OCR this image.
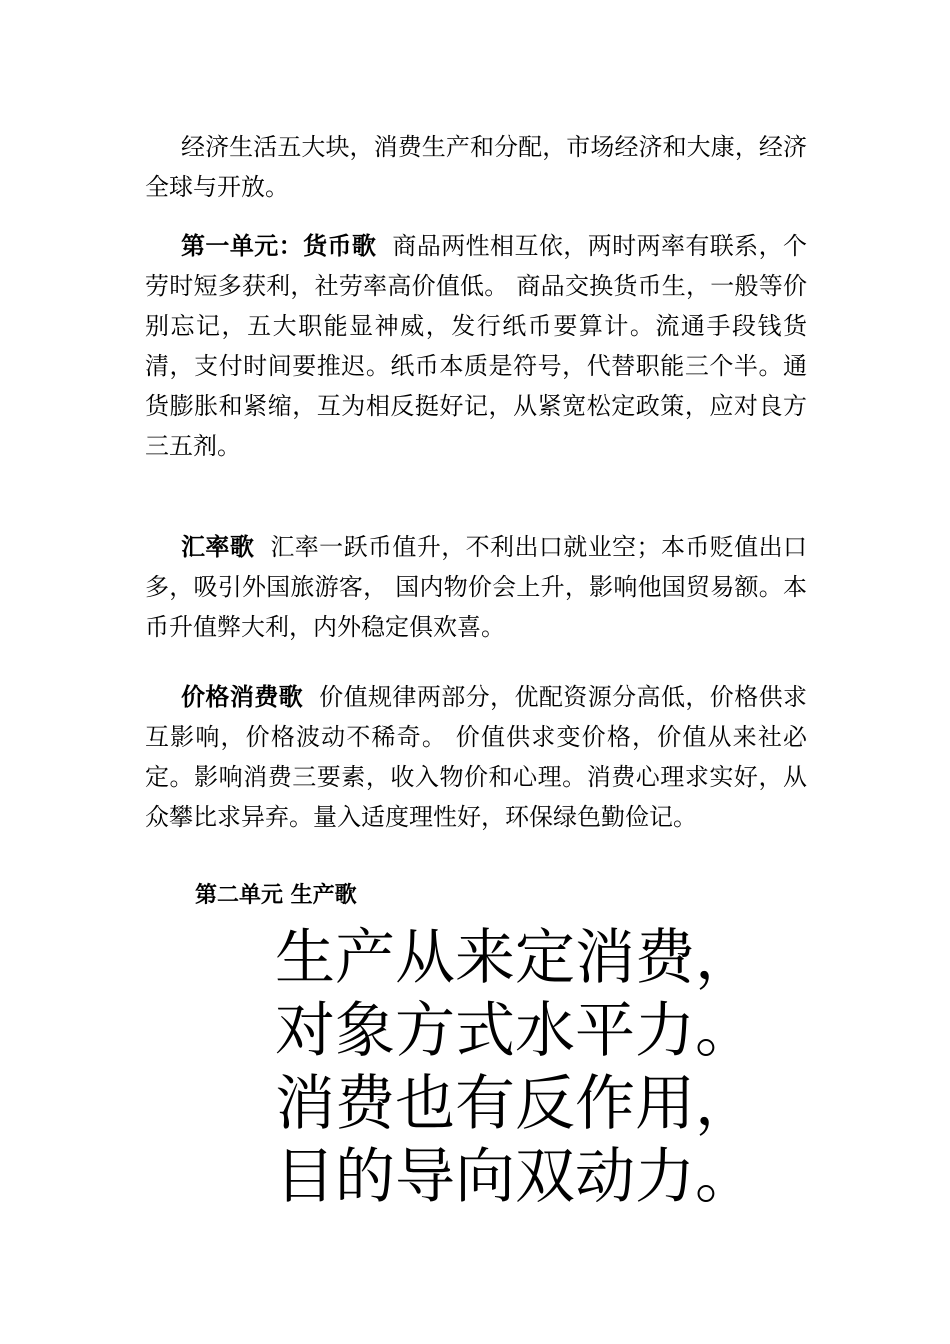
经济生活五大块，消费生产和分配，市场经济和大康，经济全球与开放。

第一单元：货币歌 商品两性相互依，两时两率有联系，个劳时短多获利，社劳率高价值低。 商品交换货币生，一般等价别忘记，五大职能显神威，发行纸币要算计。流通手段钱货清，支付时间要推迟。纸币本质是符号，代替职能三个半。通货膨胀和紧缩，互为相反挺好记，从紧宽松定政策，应对良方三五剂。

汇率歌 汇率一跃币值升，不利出口就业空；本币贬值出口多，吸引外国旅游客， 国内物价会上升，影响他国贸易额。本币升值弊大利，内外稳定俱欢喜。

价格消费歌 价值规律两部分，优配资源分高低，价格供求互影响，价格波动不稀奇。 价值供求变价格，价值从来社必定。影响消费三要素，收入物价和心理。消费心理求实好，从众攀比求异弃。量入适度理性好，环保绿色勤俭记。

第二单元 生产歌

生产从来定消费，
对象方式水平力。
消费也有反作用，
目的导向双动力。
